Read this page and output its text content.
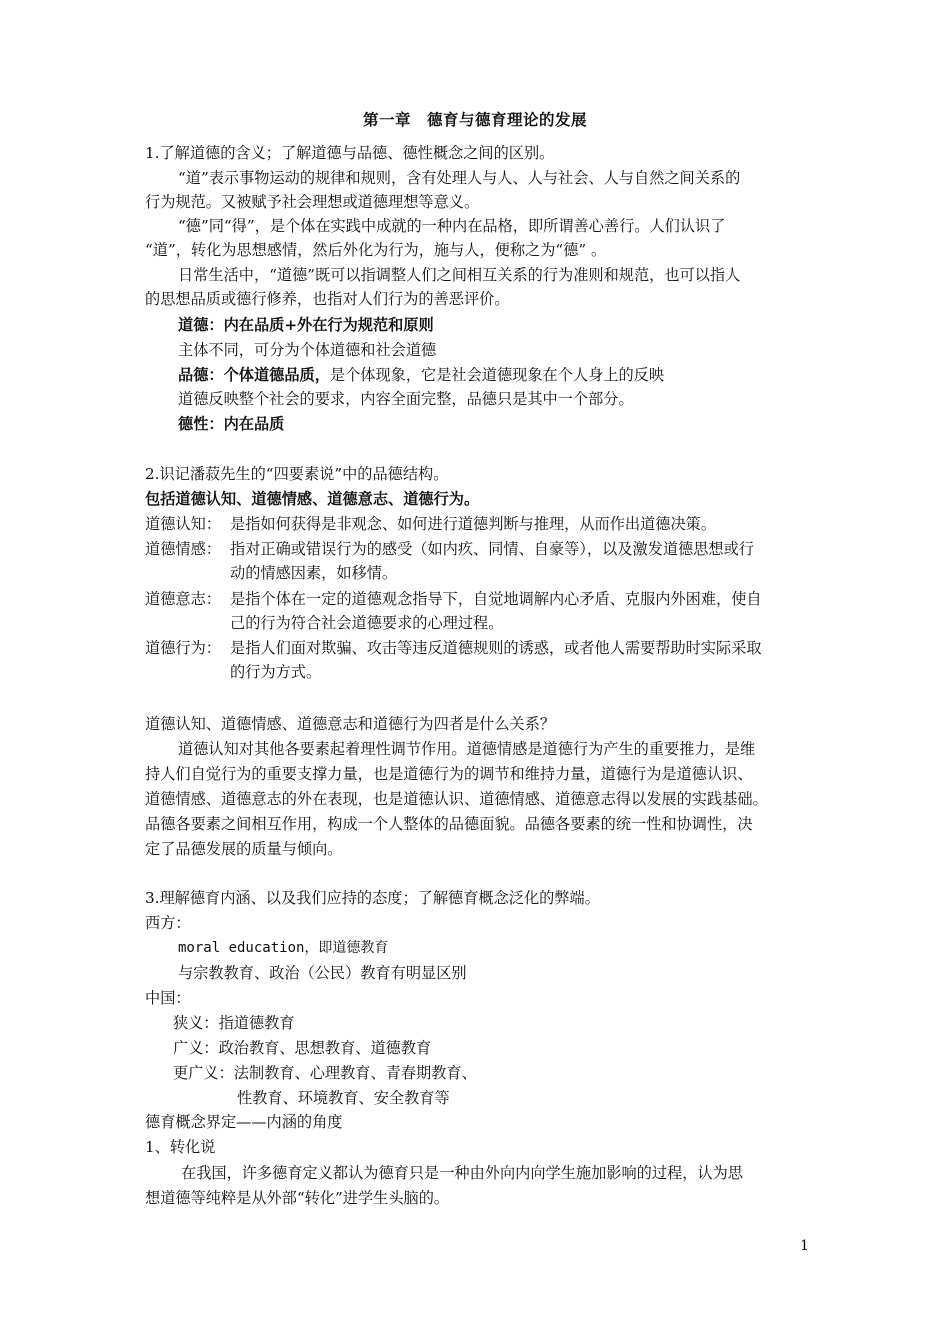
第一章　德育与德育理论的发展
1.了解道德的含义；了解道德与品德、德性概念之间的区别。
“道”表示事物运动的规律和规则，含有处理人与人、人与社会、人与自然之间关系的
行为规范。又被赋予社会理想或道德理想等意义。
“德”同“得”，是个体在实践中成就的一种内在品格，即所谓善心善行。人们认识了
“道”，转化为思想感情，然后外化为行为，施与人，便称之为“德” 。
日常生活中，“道德”既可以指调整人们之间相互关系的行为准则和规范，也可以指人
的思想品质或德行修养，也指对人们行为的善恶评价。
道德：内在品质+外在行为规范和原则
主体不同，可分为个体道德和社会道德
品德：个体道德品质，是个体现象，它是社会道德现象在个人身上的反映
道德反映整个社会的要求，内容全面完整，品德只是其中一个部分。
德性：内在品质
2.识记潘菽先生的“四要素说”中的品德结构。
包括道德认知、道德情感、道德意志、道德行为。
道德认知： 是指如何获得是非观念、如何进行道德判断与推理，从而作出道德决策。
道德情感： 指对正确或错误行为的感受（如内疚、同情、自豪等），以及激发道德思想或行
动的情感因素，如移情。
道德意志： 是指个体在一定的道德观念指导下，自觉地调解内心矛盾、克服内外困难，使自
己的行为符合社会道德要求的心理过程。
道德行为： 是指人们面对欺骗、攻击等违反道德规则的诱惑，或者他人需要帮助时实际采取
的行为方式。
道德认知、道德情感、道德意志和道德行为四者是什么关系？
道德认知对其他各要素起着理性调节作用。道德情感是道德行为产生的重要推力，是维
持人们自觉行为的重要支撑力量，也是道德行为的调节和维持力量，道德行为是道德认识、
道德情感、道德意志的外在表现，也是道德认识、道德情感、道德意志得以发展的实践基础。
品德各要素之间相互作用，构成一个人整体的品德面貌。品德各要素的统一性和协调性，决
定了品德发展的质量与倾向。
3.理解德育内涵、以及我们应持的态度；了解德育概念泛化的弊端。
西方：
moral education，即道德教育
与宗教教育、政治（公民）教育有明显区别
中国：
狭义：指道德教育
广义：政治教育、思想教育、道德教育
更广义：法制教育、心理教育、青春期教育、
性教育、环境教育、安全教育等
德育概念界定——内涵的角度
1、转化说
在我国，许多德育定义都认为德育只是一种由外向内向学生施加影响的过程，认为思
想道德等纯粹是从外部“转化”进学生头脑的。
1
